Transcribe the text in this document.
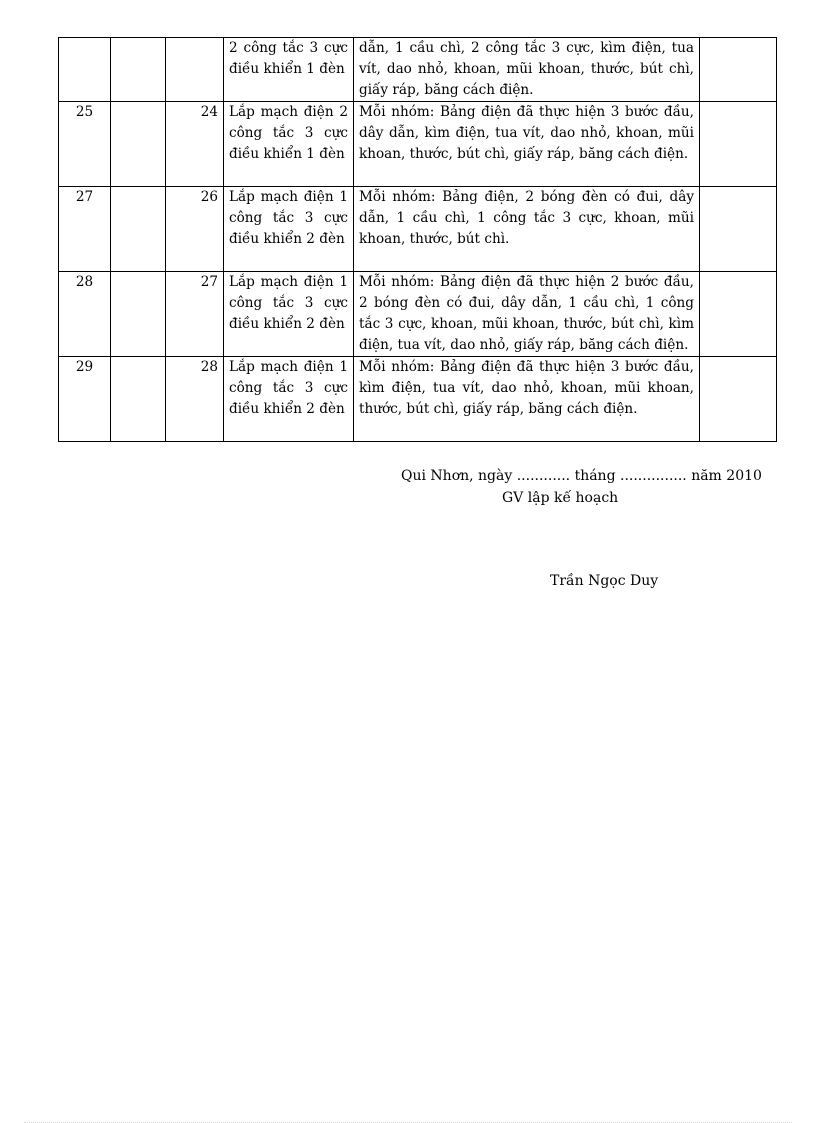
			2 công tắc 3 cực điều khiển 1 đèn	dẫn, 1 cầu chì, 2 công tắc 3 cực, kìm điện, tua vít, dao nhỏ, khoan, mũi khoan, thước, bút chì, giấy ráp, băng cách điện.	
25		24	Lắp mạch điện 2 công tắc 3 cực điều khiển 1 đèn	Mỗi nhóm: Bảng điện đã thực hiện 3 bước đầu, dây dẫn, kìm điện, tua vít, dao nhỏ, khoan, mũi khoan, thước, bút chì, giấy ráp, băng cách điện.	
27		26	Lắp mạch điện 1 công tắc 3 cực điều khiển 2 đèn	Mỗi nhóm: Bảng điện, 2 bóng đèn có đui, dây dẫn, 1 cầu chì, 1 công tắc 3 cực, khoan, mũi khoan, thước, bút chì.	
28		27	Lắp mạch điện 1 công tắc 3 cực điều khiển 2 đèn	Mỗi nhóm: Bảng điện đã thực hiện 2 bước đầu, 2 bóng đèn có đui, dây dẫn, 1 cầu chì, 1 công tắc 3 cực, khoan, mũi khoan, thước, bút chì, kìm điện, tua vít, dao nhỏ, giấy ráp, băng cách điện.	
29		28	Lắp mạch điện 1 công tắc 3 cực điều khiển 2 đèn	Mỗi nhóm: Bảng điện đã thực hiện 3 bước đầu, kìm điện, tua vít, dao nhỏ, khoan, mũi khoan, thước, bút chì, giấy ráp, băng cách điện.	
Qui Nhơn, ngày ............ tháng ............... năm 2010
GV lập kế hoạch
Trần Ngọc Duy
